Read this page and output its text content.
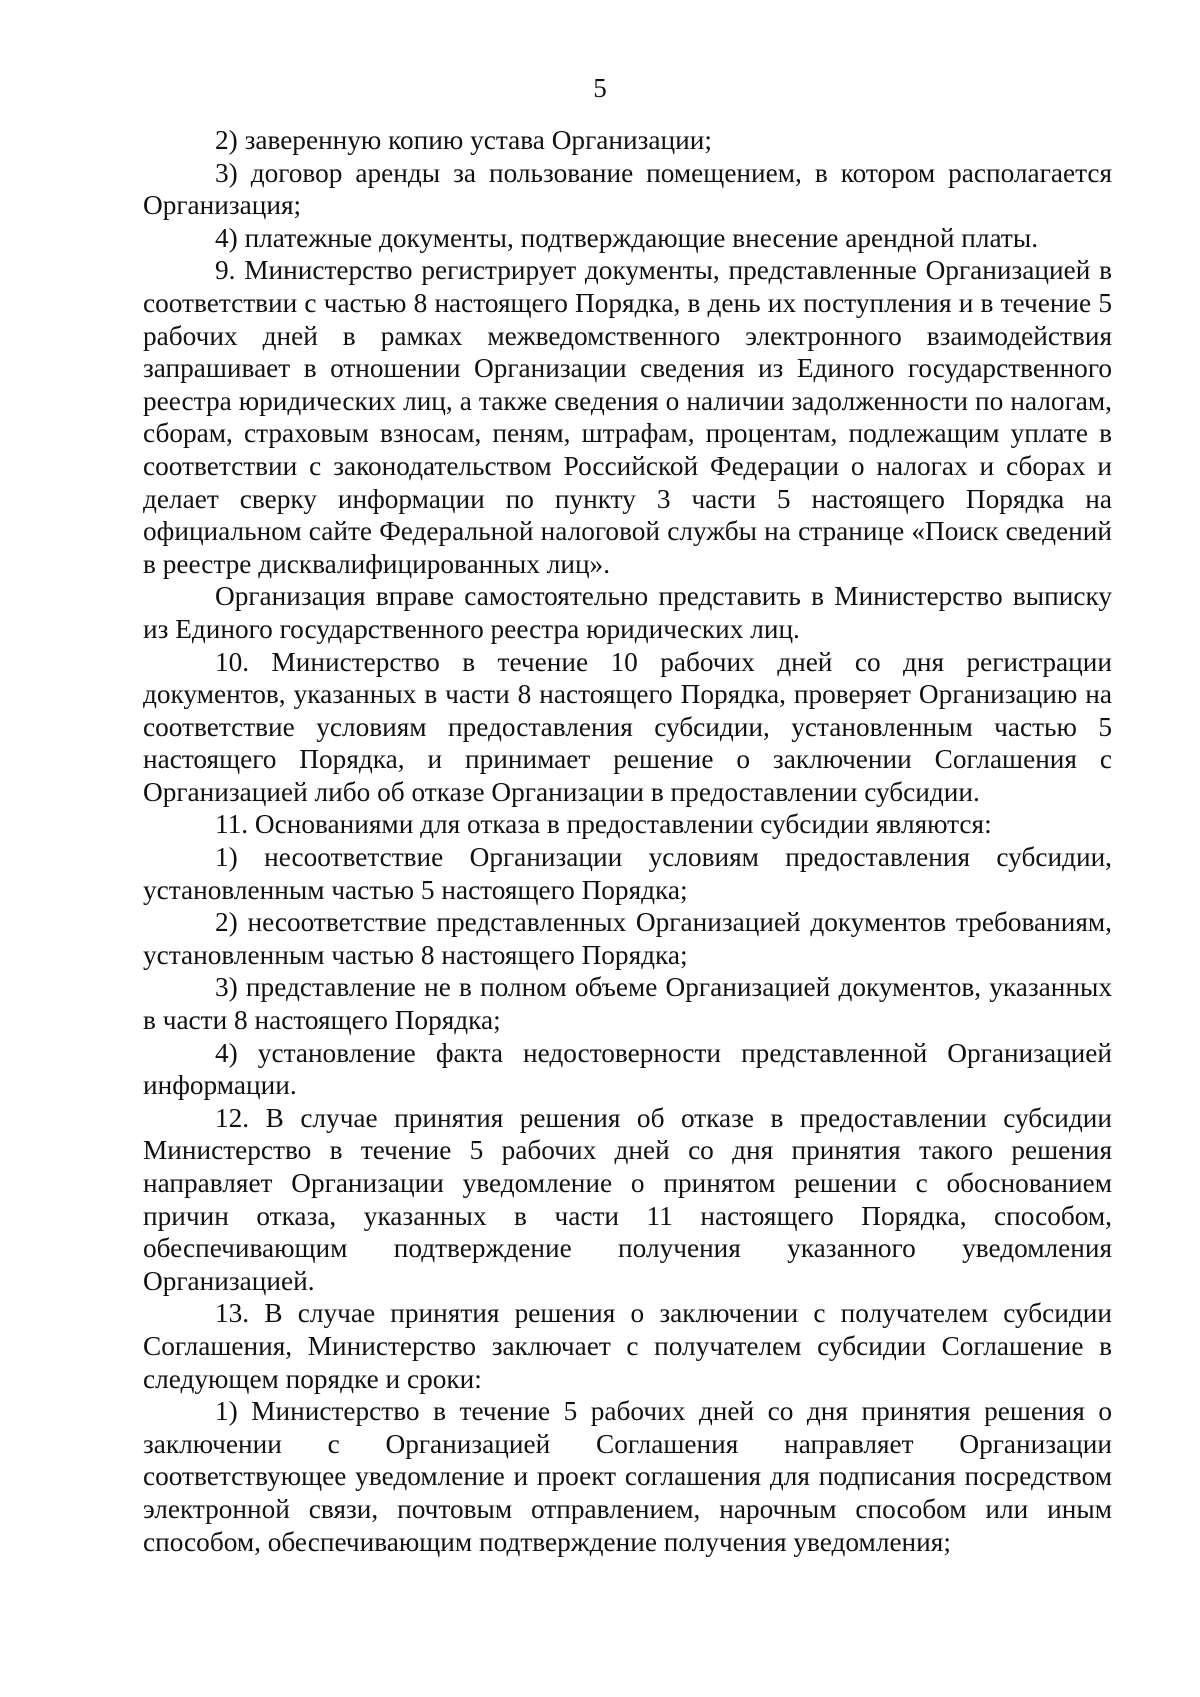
5

2) заверенную копию устава Организации;

3) договор аренды за пользование помещением, в котором располагается Организация;

4) платежные документы, подтверждающие внесение арендной платы.

9. Министерство регистрирует документы, представленные Организацией в соответствии с частью 8 настоящего Порядка, в день их поступления и в течение 5 рабочих дней в рамках межведомственного электронного взаимодействия запрашивает в отношении Организации сведения из Единого государственного реестра юридических лиц, а также сведения о наличии задолженности по налогам, сборам, страховым взносам, пеням, штрафам, процентам, подлежащим уплате в соответствии с законодательством Российской Федерации о налогах и сборах и делает сверку информации по пункту 3 части 5 настоящего Порядка на официальном сайте Федеральной налоговой службы на странице «Поиск сведений в реестре дисквалифицированных лиц».

Организация вправе самостоятельно представить в Министерство выписку из Единого государственного реестра юридических лиц.

10. Министерство в течение 10 рабочих дней со дня регистрации документов, указанных в части 8 настоящего Порядка, проверяет Организацию на соответствие условиям предоставления субсидии, установленным частью 5 настоящего Порядка, и принимает решение о заключении Соглашения с Организацией либо об отказе Организации в предоставлении субсидии.

11. Основаниями для отказа в предоставлении субсидии являются:

1) несоответствие Организации условиям предоставления субсидии, установленным частью 5 настоящего Порядка;

2) несоответствие представленных Организацией документов требованиям, установленным частью 8 настоящего Порядка;

3) представление не в полном объеме Организацией документов, указанных в части 8 настоящего Порядка;

4) установление факта недостоверности представленной Организацией информации.

12. В случае принятия решения об отказе в предоставлении субсидии Министерство в течение 5 рабочих дней со дня принятия такого решения направляет Организации уведомление о принятом решении с обоснованием причин отказа, указанных в части 11 настоящего Порядка, способом, обеспечивающим подтверждение получения указанного уведомления Организацией.

13. В случае принятия решения о заключении с получателем субсидии Соглашения, Министерство заключает с получателем субсидии Соглашение в следующем порядке и сроки:

1) Министерство в течение 5 рабочих дней со дня принятия решения о заключении с Организацией Соглашения направляет Организации соответствующее уведомление и проект соглашения для подписания посредством электронной связи, почтовым отправлением, нарочным способом или иным способом, обеспечивающим подтверждение получения уведомления;
